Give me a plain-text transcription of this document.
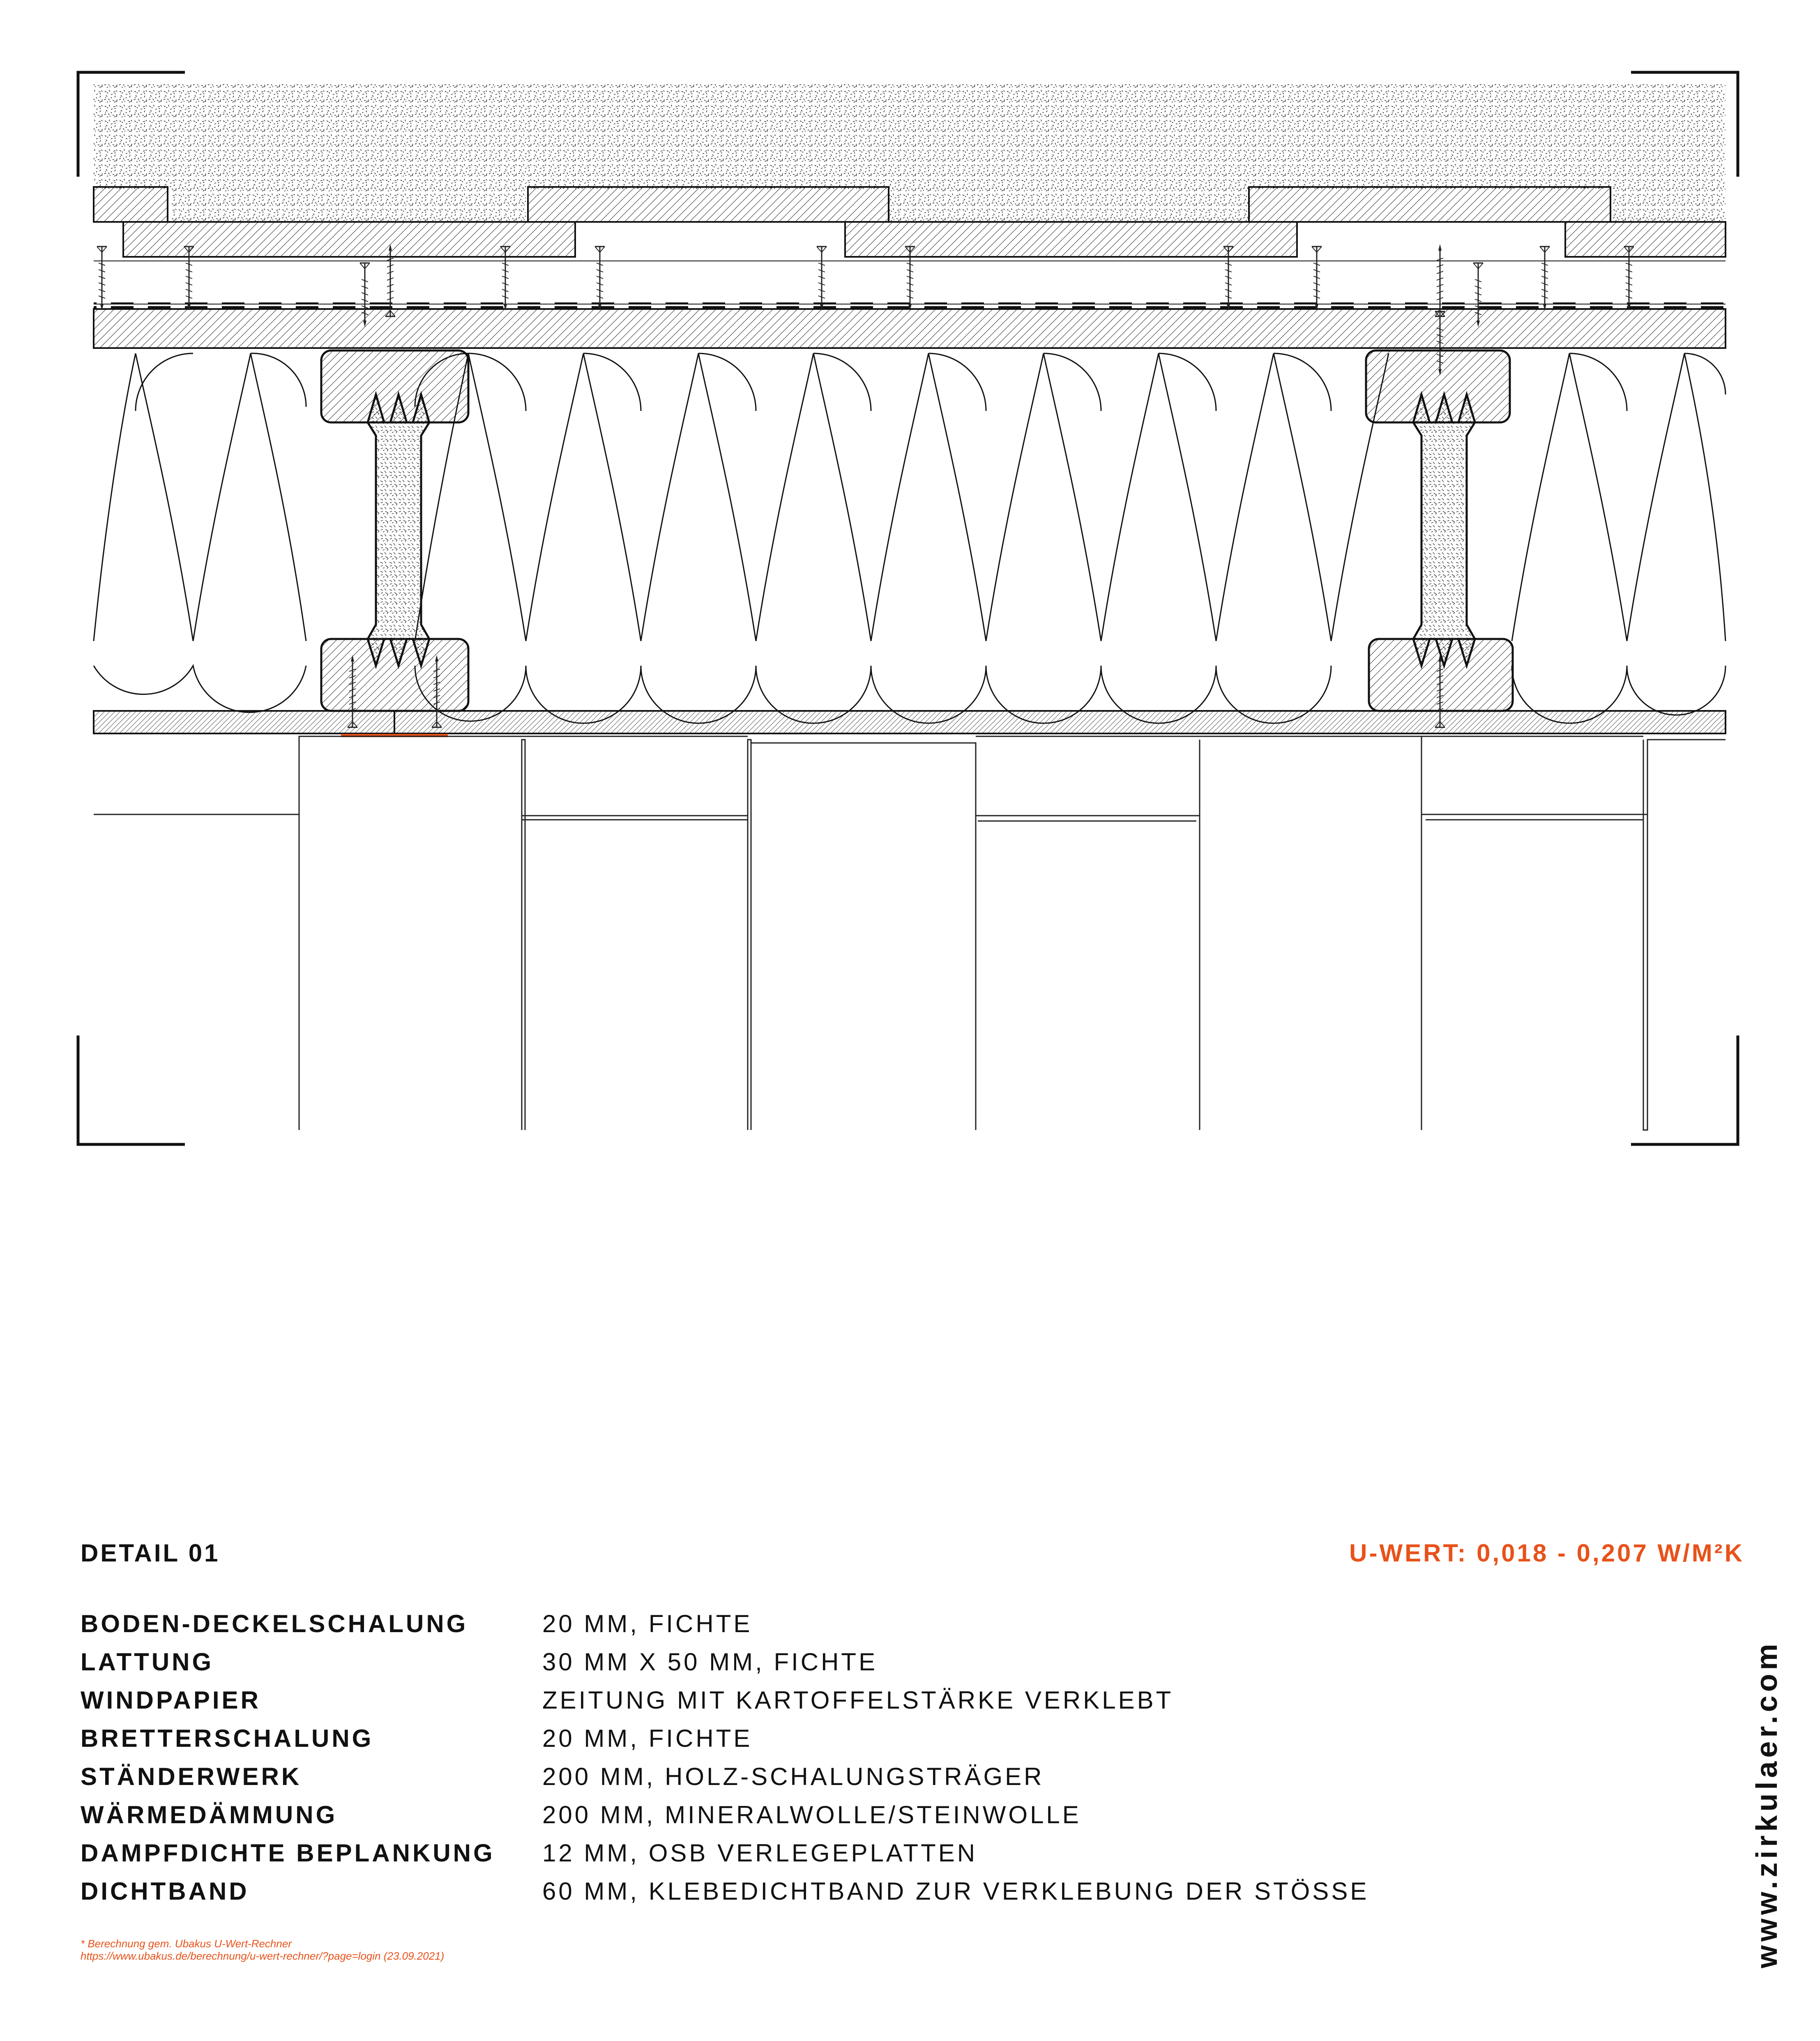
DETAIL 01	U-WERT: 0,018 - 0,207 W/M²K
BODEN-DECKELSCHALUNG	20 MM, FICHTE
LATTUNG	30 MM X 50 MM, FICHTE
WINDPAPIER	ZEITUNG MIT KARTOFFELSTÄRKE VERKLEBT
BRETTERSCHALUNG	20 MM, FICHTE
STÄNDERWERK	200 MM, HOLZ-SCHALUNGSTRÄGER
WÄRMEDÄMMUNG	200 MM, MINERALWOLLE/STEINWOLLE
DAMPFDICHTE BEPLANKUNG	12 MM, OSB VERLEGEPLATTEN
DICHTBAND	60 MM, KLEBEDICHTBAND ZUR VERKLEBUNG DER STÖSSE
* Berechnung gem. Ubakus U-Wert-Rechner
https://www.ubakus.de/berechnung/u-wert-rechner/?page=login (23.09.2021)	www.zirkulaer.com
